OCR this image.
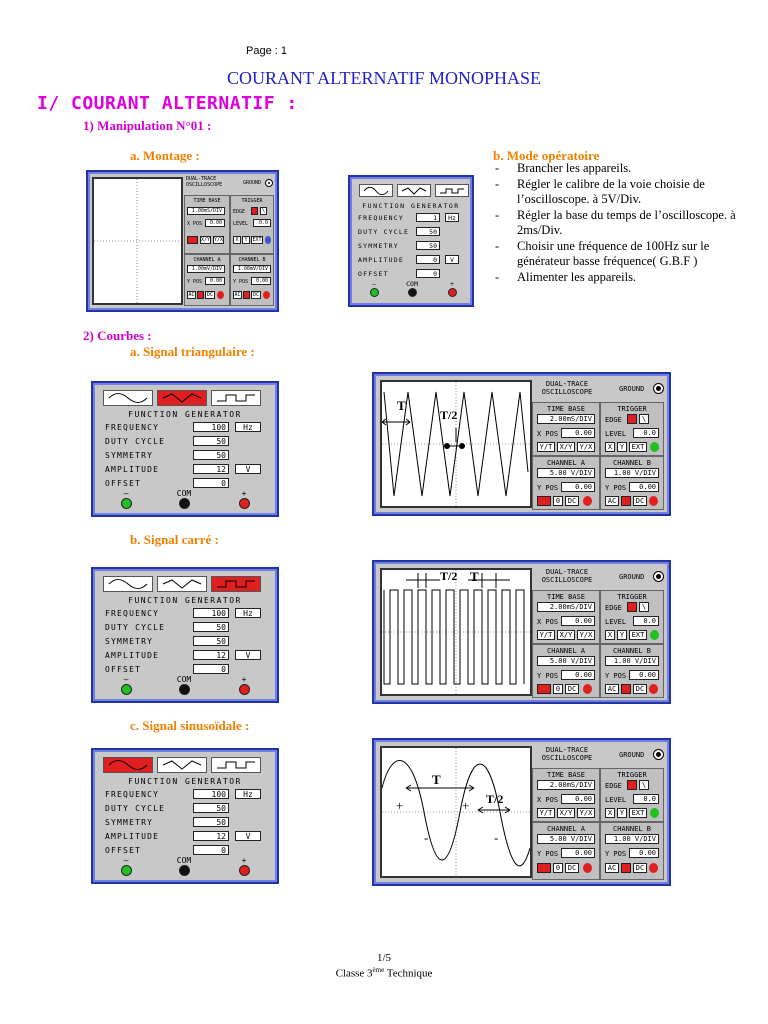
Page : 1
COURANT ALTERNATIF MONOPHASE
I/ COURANT ALTERNATIF :
1) Manipulation N°01 :
a. Montage :	b. Mode opératoire
- Brancher les appareils.
- Régler le calibre de la voie choisie de l’oscilloscope. à 5V/Div.
- Régler la base du temps de l’oscilloscope. à 2ms/Div.
- Choisir une fréquence de 100Hz sur le générateur basse fréquence( G.B.F )
- Alimenter les appareils.
2) Courbes :
a. Signal triangulaire :
b. Signal carré :
c. Signal sinusoïdale :
DUAL-TRACE
OSCILLOSCOPE	GROUND
TIME BASE
1.00mS/DIV
X POS	0.00
Y/T X/Y Y/X
TRIGGER
EDGE	\
LEVEL	0.0
X	Y EXT
CHANNEL A
1.00mV/DIV
Y POS	0.00
AC 0 DC
CHANNEL B
1.00mV/DIV
Y POS	0.00
AC 0 DC
FUNCTION GENERATOR
FREQUENCY	1	Hz
DUTY CYCLE	50
SYMMETRY	50
AMPLITUDE	0	V
OFFSET	0
—	COM	+
FUNCTION GENERATOR
FREQUENCY	100	Hz
DUTY CYCLE	50
SYMMETRY	50
AMPLITUDE	12	V
OFFSET	0
—	COM	+
FUNCTION GENERATOR
FREQUENCY	100	Hz
DUTY CYCLE	50
SYMMETRY	50
AMPLITUDE	12	V
OFFSET	0
—	COM	+
FUNCTION GENERATOR
FREQUENCY	100	Hz
DUTY CYCLE	50
SYMMETRY	50
AMPLITUDE	12	V
OFFSET	0
—	COM	+
T
T/2
DUAL-TRACE
OSCILLOSCOPE	GROUND
TIME BASE
2.00mS/DIV
X POS	0.00
Y/T	X/Y	Y/X
TRIGGER
EDGE	\
LEVEL	0.0
X	Y	EXT
CHANNEL A
5.00 V/DIV
Y POS	0.00
AC	0	DC
CHANNEL B
1.00 V/DIV
Y POS	0.00
AC	0	DC
T/2 T	DUAL-TRACE
OSCILLOSCOPE	GROUND
TIME BASE
2.00mS/DIV
X POS	0.00
Y/T	X/Y	Y/X
TRIGGER
EDGE	\
LEVEL	0.0
X	Y	EXT
CHANNEL A
5.00 V/DIV
Y POS	0.00
AC	0	DC
CHANNEL B
1.00 V/DIV
Y POS	0.00
AC	0	DC
T
T/2
+	+
-	-
DUAL-TRACE
OSCILLOSCOPE	GROUND
TIME BASE
2.00mS/DIV
X POS	0.00
Y/T	X/Y	Y/X
TRIGGER
EDGE	\
LEVEL	0.0
X	Y	EXT
CHANNEL A
5.00 V/DIV
Y POS	0.00
AC	0	DC
CHANNEL B
1.00 V/DIV
Y POS	0.00
AC	0	DC
1/5
Classe 3ème Technique
